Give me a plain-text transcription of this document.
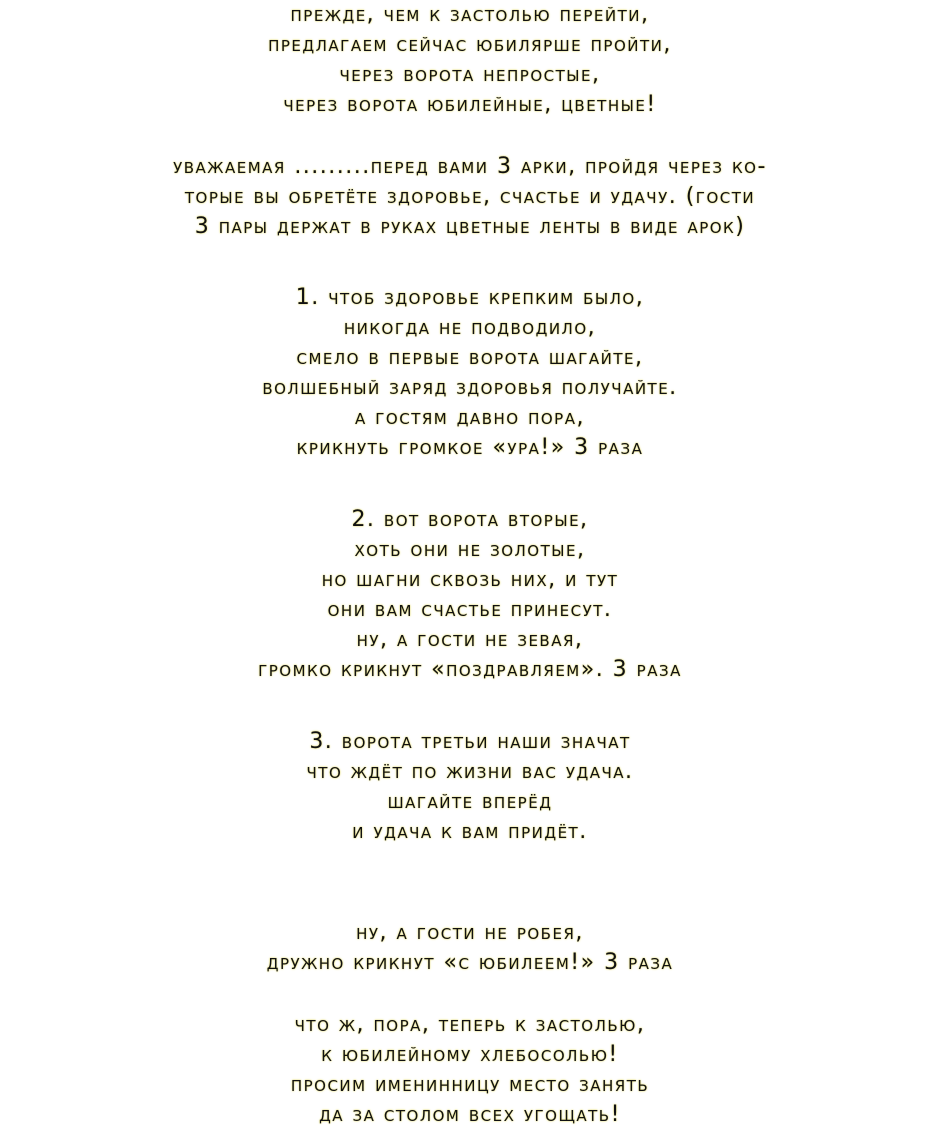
прежде, чем к застолью перейти,
предлагаем сейчас юбилярше пройти,
через ворота непростые,
через ворота юбилейные, цветные!
уважаемая .........перед вами 3 арки, пройдя через ко-
торые вы обретёте здоровье, счастье и удачу. (гости
3 пары держат в руках цветные ленты в виде арок)
1. чтоб здоровье крепким было,
никогда не подводило,
смело в первые ворота шагайте,
волшебный заряд здоровья получайте.
а гостям давно пора,
крикнуть громкое «ура!» 3 раза
2. вот ворота вторые,
хоть они не золотые,
но шагни сквозь них, и тут
они вам счастье принесут.
ну, а гости не зевая,
громко крикнут «поздравляем». 3 раза
3. ворота третьи наши значат
что ждёт по жизни вас удача.
шагайте вперёд
и удача к вам придёт.
ну, а гости не робея,
дружно крикнут «с юбилеем!» 3 раза
что ж, пора, теперь к застолью,
к юбилейному хлебосолью!
просим именинницу место занять
да за столом всех угощать!
